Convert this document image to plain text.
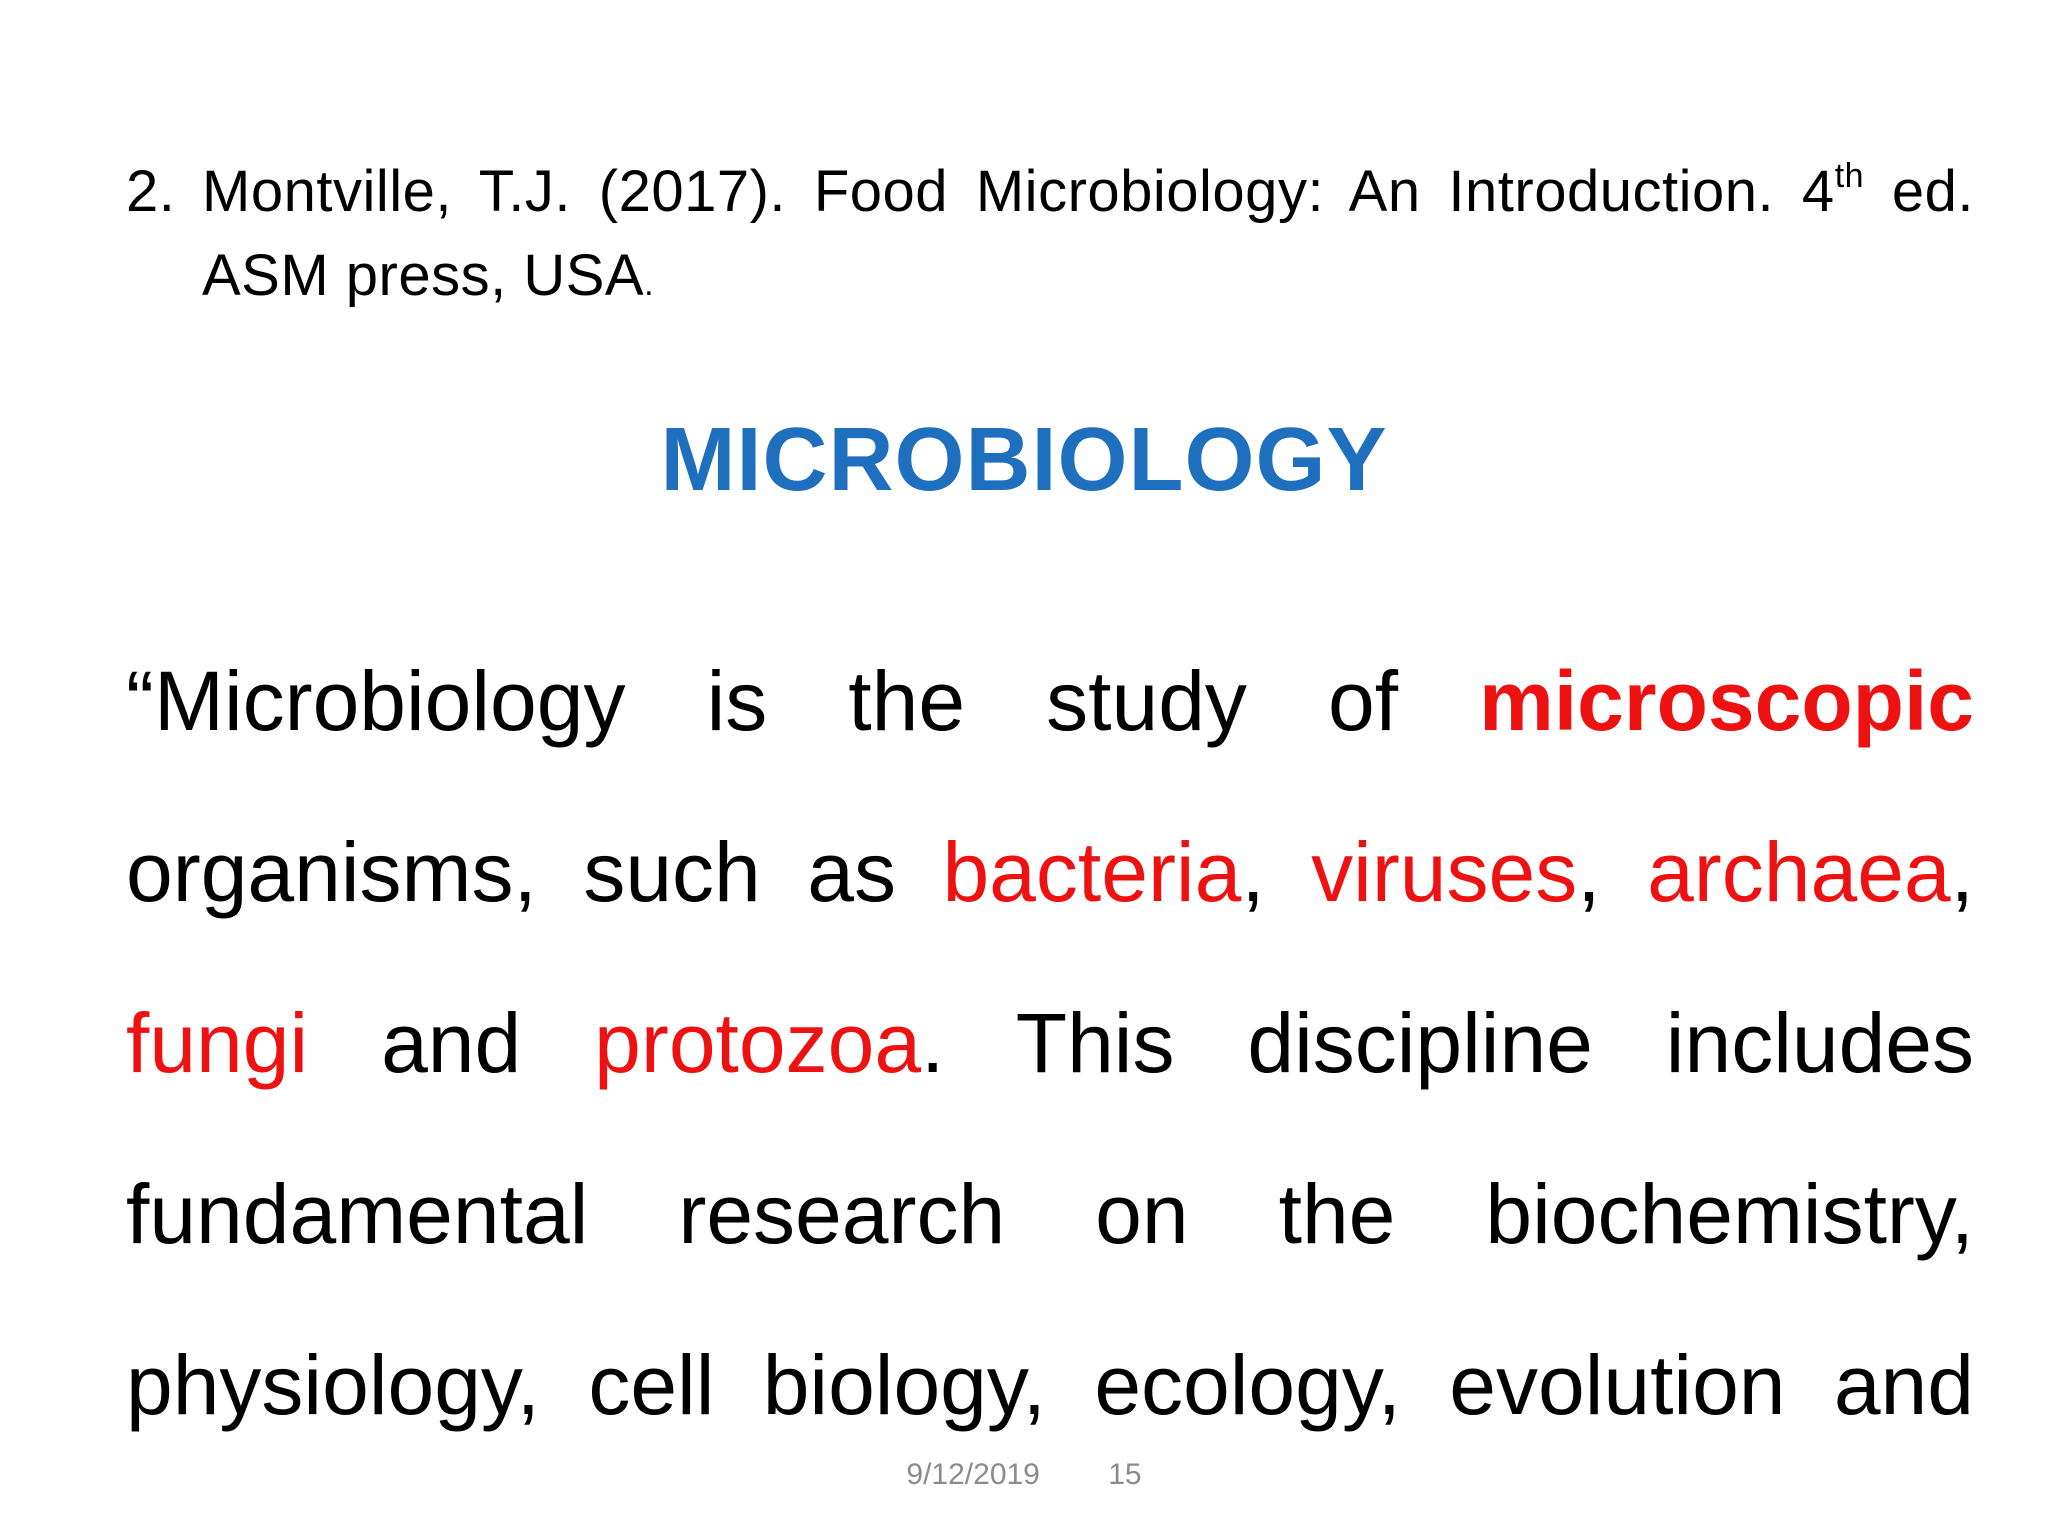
2. Montville, T.J. (2017). Food Microbiology: An Introduction. 4th ed. ASM press, USA.
MICROBIOLOGY
“Microbiology is the study of microscopic
organisms, such as bacteria, viruses, archaea,
fungi and protozoa. This discipline includes
fundamental research on the biochemistry,
physiology, cell biology, ecology, evolution and
9/12/2019 15
